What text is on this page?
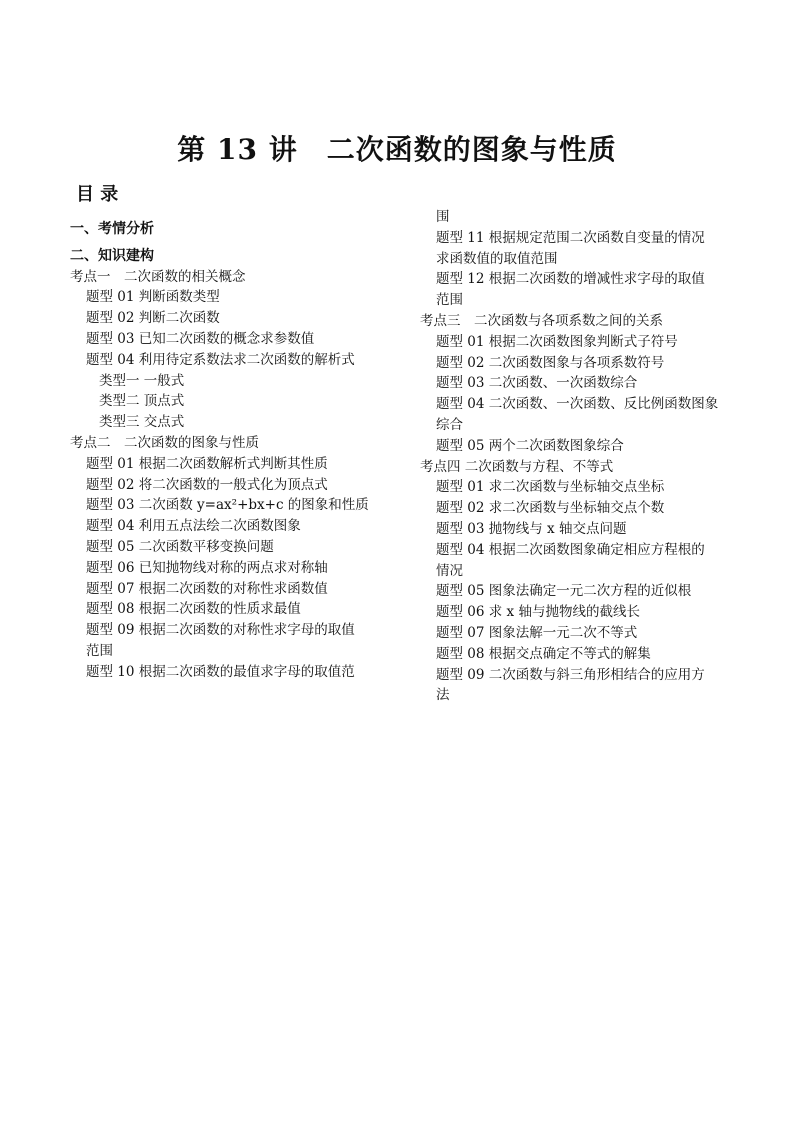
第 13 讲　二次函数的图象与性质
目 录
一、考情分析
二、知识建构
考点一　二次函数的相关概念
题型 01 判断函数类型
题型 02 判断二次函数
题型 03 已知二次函数的概念求参数值
题型 04 利用待定系数法求二次函数的解析式
类型一 一般式
类型二 顶点式
类型三 交点式
考点二　二次函数的图象与性质
题型 01 根据二次函数解析式判断其性质
题型 02 将二次函数的一般式化为顶点式
题型 03 二次函数 y=ax²+bx+c 的图象和性质
题型 04 利用五点法绘二次函数图象
题型 05 二次函数平移变换问题
题型 06 已知抛物线对称的两点求对称轴
题型 07 根据二次函数的对称性求函数值
题型 08 根据二次函数的性质求最值
题型 09 根据二次函数的对称性求字母的取值
范围
题型 10 根据二次函数的最值求字母的取值范
围
题型 11 根据规定范围二次函数自变量的情况
求函数值的取值范围
题型 12 根据二次函数的增减性求字母的取值
范围
考点三　二次函数与各项系数之间的关系
题型 01 根据二次函数图象判断式子符号
题型 02 二次函数图象与各项系数符号
题型 03 二次函数、一次函数综合
题型 04 二次函数、一次函数、反比例函数图象
综合
题型 05 两个二次函数图象综合
考点四 二次函数与方程、不等式
题型 01 求二次函数与坐标轴交点坐标
题型 02 求二次函数与坐标轴交点个数
题型 03 抛物线与 x 轴交点问题
题型 04 根据二次函数图象确定相应方程根的
情况
题型 05 图象法确定一元二次方程的近似根
题型 06 求 x 轴与抛物线的截线长
题型 07 图象法解一元二次不等式
题型 08 根据交点确定不等式的解集
题型 09 二次函数与斜三角形相结合的应用方
法
